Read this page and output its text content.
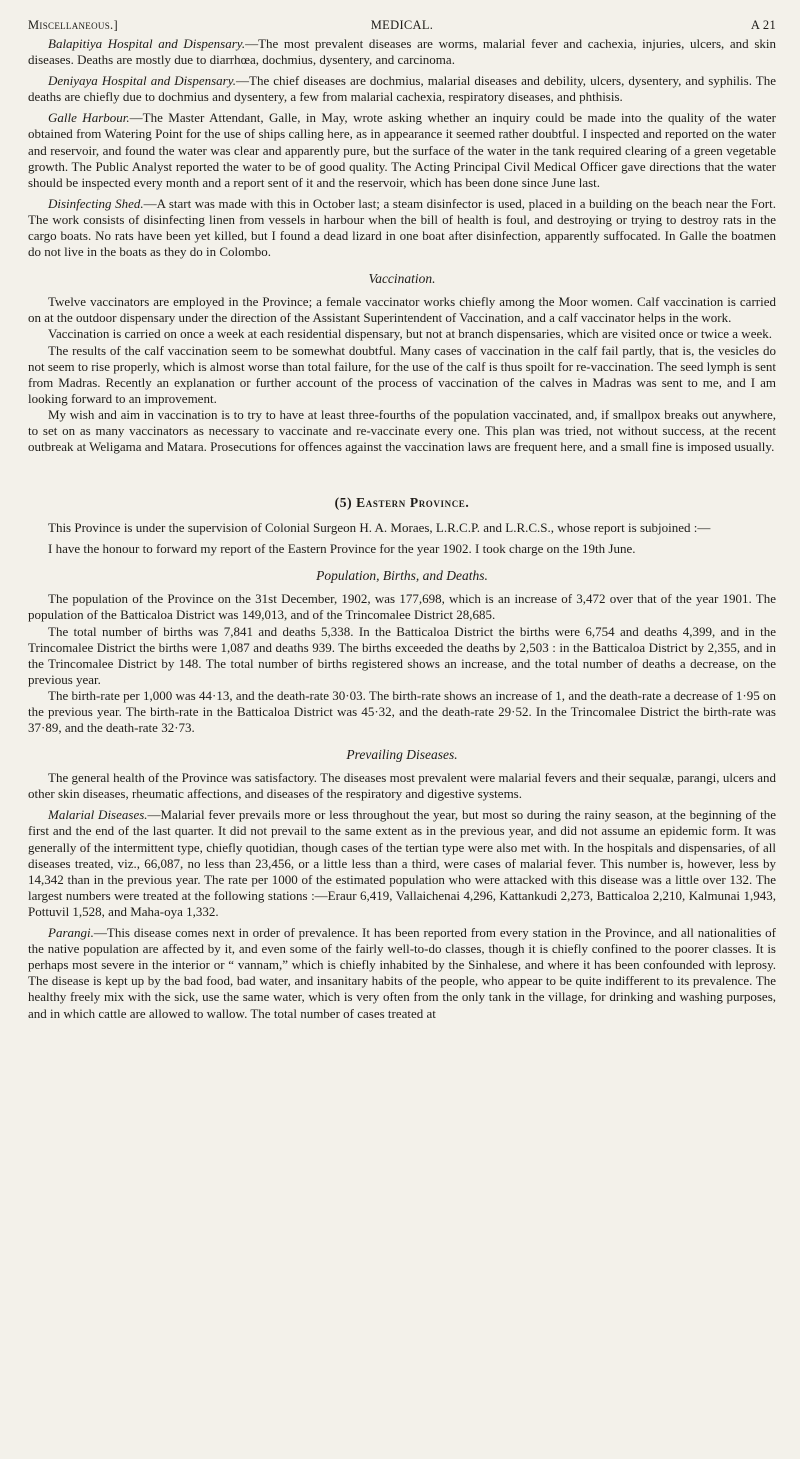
Miscellaneous.]	MEDICAL.	A 21

Balapitiya Hospital and Dispensary.—The most prevalent diseases are worms, malarial fever and cachexia, injuries, ulcers, and skin diseases. Deaths are mostly due to diarrhœa, dochmius, dysentery, and carcinoma.

Deniyaya Hospital and Dispensary.—The chief diseases are dochmius, malarial diseases and debility, ulcers, dysentery, and syphilis. The deaths are chiefly due to dochmius and dysentery, a few from malarial cachexia, respiratory diseases, and phthisis.

Galle Harbour.—The Master Attendant, Galle, in May, wrote asking whether an inquiry could be made into the quality of the water obtained from Watering Point for the use of ships calling here, as in appearance it seemed rather doubtful. I inspected and reported on the water and reservoir, and found the water was clear and apparently pure, but the surface of the water in the tank required clearing of a green vegetable growth. The Public Analyst reported the water to be of good quality. The Acting Principal Civil Medical Officer gave directions that the water should be inspected every month and a report sent of it and the reservoir, which has been done since June last.

Disinfecting Shed.—A start was made with this in October last; a steam disinfector is used, placed in a building on the beach near the Fort. The work consists of disinfecting linen from vessels in harbour when the bill of health is foul, and destroying or trying to destroy rats in the cargo boats. No rats have been yet killed, but I found a dead lizard in one boat after disinfection, apparently suffocated. In Galle the boatmen do not live in the boats as they do in Colombo.

Vaccination.

Twelve vaccinators are employed in the Province; a female vaccinator works chiefly among the Moor women. Calf vaccination is carried on at the outdoor dispensary under the direction of the Assistant Superintendent of Vaccination, and a calf vaccinator helps in the work.

Vaccination is carried on once a week at each residential dispensary, but not at branch dispensaries, which are visited once or twice a week.

The results of the calf vaccination seem to be somewhat doubtful. Many cases of vaccination in the calf fail partly, that is, the vesicles do not seem to rise properly, which is almost worse than total failure, for the use of the calf is thus spoilt for re-vaccination. The seed lymph is sent from Madras. Recently an explanation or further account of the process of vaccination of the calves in Madras was sent to me, and I am looking forward to an improvement.

My wish and aim in vaccination is to try to have at least three-fourths of the population vaccinated, and, if smallpox breaks out anywhere, to set on as many vaccinators as necessary to vaccinate and re-vaccinate every one. This plan was tried, not without success, at the recent outbreak at Weligama and Matara. Prosecutions for offences against the vaccination laws are frequent here, and a small fine is imposed usually.

(5) Eastern Province.

This Province is under the supervision of Colonial Surgeon H. A. Moraes, L.R.C.P. and L.R.C.S., whose report is subjoined :—

I have the honour to forward my report of the Eastern Province for the year 1902. I took charge on the 19th June.

Population, Births, and Deaths.

The population of the Province on the 31st December, 1902, was 177,698, which is an increase of 3,472 over that of the year 1901. The population of the Batticaloa District was 149,013, and of the Trincomalee District 28,685.

The total number of births was 7,841 and deaths 5,338. In the Batticaloa District the births were 6,754 and deaths 4,399, and in the Trincomalee District the births were 1,087 and deaths 939. The births exceeded the deaths by 2,503 : in the Batticaloa District by 2,355, and in the Trincomalee District by 148. The total number of births registered shows an increase, and the total number of deaths a decrease, on the previous year.

The birth-rate per 1,000 was 44·13, and the death-rate 30·03. The birth-rate shows an increase of 1, and the death-rate a decrease of 1·95 on the previous year. The birth-rate in the Batticaloa District was 45·32, and the death-rate 29·52. In the Trincomalee District the birth-rate was 37·89, and the death-rate 32·73.

Prevailing Diseases.

The general health of the Province was satisfactory. The diseases most prevalent were malarial fevers and their sequalæ, parangi, ulcers and other skin diseases, rheumatic affections, and diseases of the respiratory and digestive systems.

Malarial Diseases.—Malarial fever prevails more or less throughout the year, but most so during the rainy season, at the beginning of the first and the end of the last quarter. It did not prevail to the same extent as in the previous year, and did not assume an epidemic form. It was generally of the intermittent type, chiefly quotidian, though cases of the tertian type were also met with. In the hospitals and dispensaries, of all diseases treated, viz., 66,087, no less than 23,456, or a little less than a third, were cases of malarial fever. This number is, however, less by 14,342 than in the previous year. The rate per 1000 of the estimated population who were attacked with this disease was a little over 132. The largest numbers were treated at the following stations :—Eraur 6,419, Vallaichenai 4,296, Kattankudi 2,273, Batticaloa 2,210, Kalmunai 1,943, Pottuvil 1,528, and Maha-oya 1,332.

Parangi.—This disease comes next in order of prevalence. It has been reported from every station in the Province, and all nationalities of the native population are affected by it, and even some of the fairly well-to-do classes, though it is chiefly confined to the poorer classes. It is perhaps most severe in the interior or “ vannam,” which is chiefly inhabited by the Sinhalese, and where it has been confounded with leprosy. The disease is kept up by the bad food, bad water, and insanitary habits of the people, who appear to be quite indifferent to its prevalence. The healthy freely mix with the sick, use the same water, which is very often from the only tank in the village, for drinking and washing purposes, and in which cattle are allowed to wallow. The total number of cases treated at
